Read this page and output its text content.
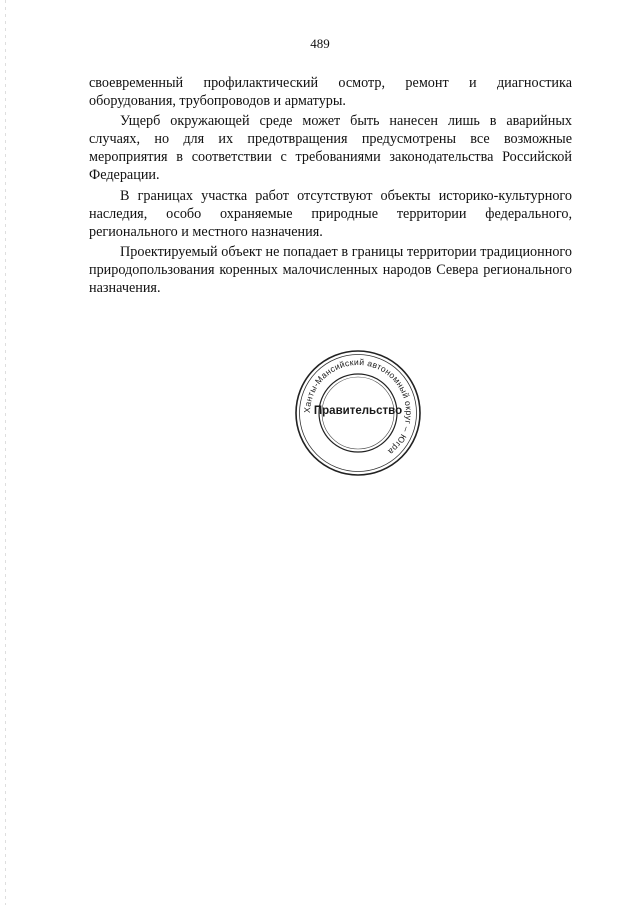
489

своевременный профилактический осмотр, ремонт и диагностика оборудования, трубопроводов и арматуры.

Ущерб окружающей среде может быть нанесен лишь в аварийных случаях, но для их предотвращения предусмотрены все возможные мероприятия в соответствии с требованиями законодательства Российской Федерации.

В границах участка работ отсутствуют объекты историко-культурного наследия, особо охраняемые природные территории федерального, регионального и местного назначения.

Проектируемый объект не попадает в границы территории традиционного природопользования коренных малочисленных народов Севера регионального назначения.

Ханты-Мансийский автономный округ – Югра
Правительство
